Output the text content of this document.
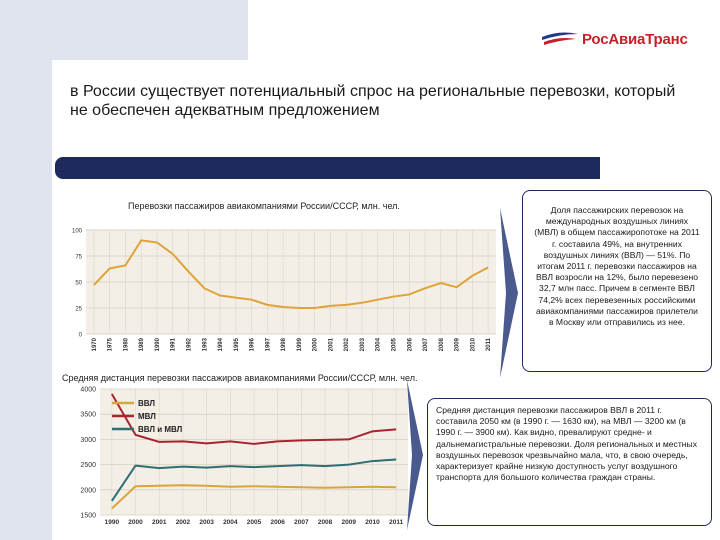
РосАвиаТранс
в России существует потенциальный спрос на региональные перевозки, который не обеспечен адекватным предложением
Перевозки пассажиров авиакомпаниями России/СССР, млн. чел.
0
25
50
75
100
1970 1975 1980 1989 1990 1991 1992 1993 1994 1995 1996 1997 1998 1999 2000 2001 2002 2003 2004 2005 2006 2007 2008 2009 2010 2011
Средняя дистанция перевозки пассажиров авиакомпаниями России/СССР, млн. чел.
1500
2000
2500
3000
3500
4000
1990 2000 2001 2002 2003 2004 2005 2006 2007 2008 2009 2010 2011
ВВЛ
МВЛ
ВВЛ и МВЛ
Доля пассажирских перевозок на международных воздушных линиях (МВЛ) в общем пассажиропотоке на 2011 г. составила 49%, на внутренних воздушных линиях (ВВЛ) — 51%. По итогам 2011 г. перевозки пассажиров на ВВЛ возросли на 12%, было перевезено 32,7 млн пасс. Причем в сегменте ВВЛ 74,2% всех перевезенных российскими авиакомпаниями пассажиров прилетели в Москву или отправились из нее.
Средняя дистанция перевозки пассажиров ВВЛ в 2011 г. составила 2050 км (в 1990 г. — 1630 км), на МВЛ — 3200 км (в 1990 г. — 3900 км). Как видно, превалируют средне- и дальнемагистральные перевозки. Доля региональных и местных воздушных перевозок чрезвычайно мала, что, в свою очередь, характеризует крайне низкую доступность услуг воздушного транспорта для большого количества граждан страны.
